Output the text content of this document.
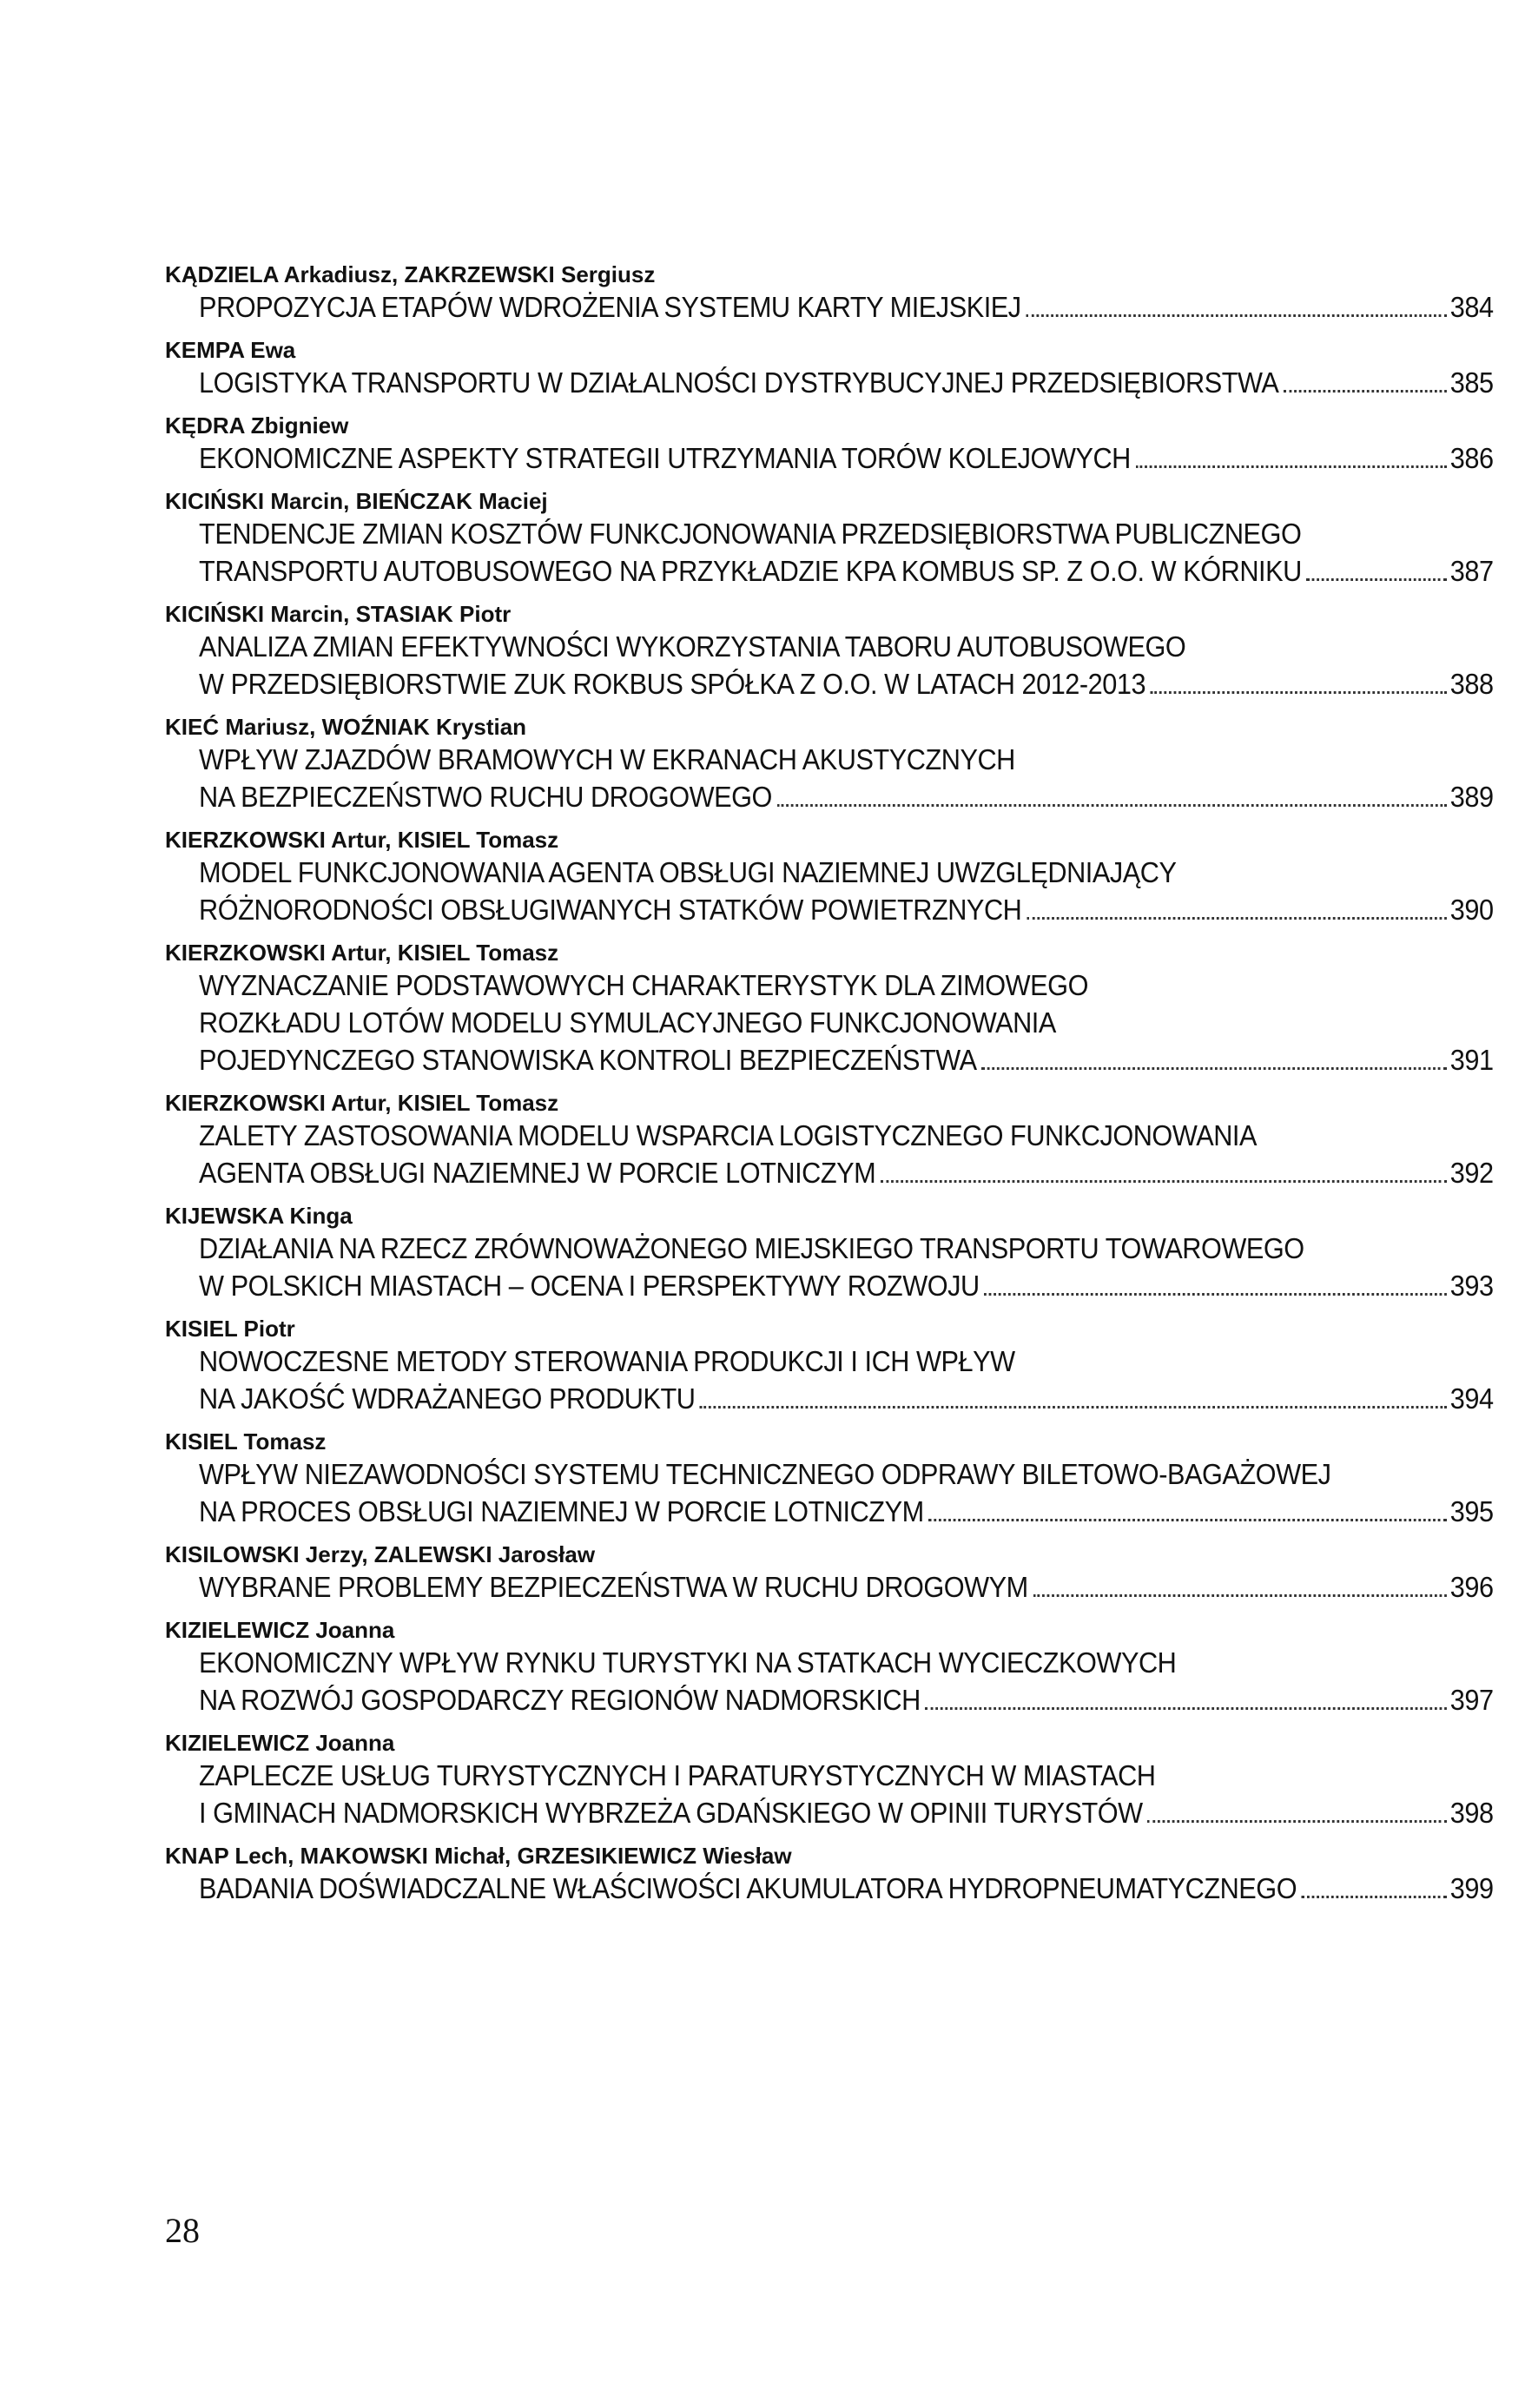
KĄDZIELA Arkadiusz, ZAKRZEWSKI Sergiusz
PROPOZYCJA ETAPÓW WDROŻENIA SYSTEMU KARTY MIEJSKIEJ	384
KEMPA Ewa
LOGISTYKA TRANSPORTU W DZIAŁALNOŚCI DYSTRYBUCYJNEJ PRZEDSIĘBIORSTWA	385
KĘDRA Zbigniew
EKONOMICZNE ASPEKTY STRATEGII UTRZYMANIA TORÓW KOLEJOWYCH	386
KICIŃSKI Marcin, BIEŃCZAK Maciej
TENDENCJE ZMIAN KOSZTÓW FUNKCJONOWANIA PRZEDSIĘBIORSTWA PUBLICZNEGO
TRANSPORTU AUTOBUSOWEGO NA PRZYKŁADZIE KPA KOMBUS SP. Z O.O. W KÓRNIKU	387
KICIŃSKI Marcin, STASIAK Piotr
ANALIZA ZMIAN EFEKTYWNOŚCI WYKORZYSTANIA TABORU AUTOBUSOWEGO
W PRZEDSIĘBIORSTWIE ZUK ROKBUS SPÓŁKA Z O.O. W LATACH 2012-2013	388
KIEĆ Mariusz, WOŹNIAK Krystian
WPŁYW ZJAZDÓW BRAMOWYCH W EKRANACH AKUSTYCZNYCH
NA BEZPIECZEŃSTWO RUCHU DROGOWEGO	389
KIERZKOWSKI Artur, KISIEL Tomasz
MODEL FUNKCJONOWANIA AGENTA OBSŁUGI NAZIEMNEJ UWZGLĘDNIAJĄCY
RÓŻNORODNOŚCI OBSŁUGIWANYCH STATKÓW POWIETRZNYCH	390
KIERZKOWSKI Artur, KISIEL Tomasz
WYZNACZANIE PODSTAWOWYCH CHARAKTERYSTYK DLA ZIMOWEGO
ROZKŁADU LOTÓW MODELU SYMULACYJNEGO FUNKCJONOWANIA
POJEDYNCZEGO STANOWISKA KONTROLI BEZPIECZEŃSTWA	391
KIERZKOWSKI Artur, KISIEL Tomasz
ZALETY ZASTOSOWANIA MODELU WSPARCIA LOGISTYCZNEGO FUNKCJONOWANIA
AGENTA OBSŁUGI NAZIEMNEJ W PORCIE LOTNICZYM	392
KIJEWSKA Kinga
DZIAŁANIA NA RZECZ ZRÓWNOWAŻONEGO MIEJSKIEGO TRANSPORTU TOWAROWEGO
W POLSKICH MIASTACH – OCENA I PERSPEKTYWY ROZWOJU	393
KISIEL Piotr
NOWOCZESNE METODY STEROWANIA PRODUKCJI I ICH WPŁYW
NA JAKOŚĆ WDRAŻANEGO PRODUKTU	394
KISIEL Tomasz
WPŁYW NIEZAWODNOŚCI SYSTEMU TECHNICZNEGO ODPRAWY BILETOWO-BAGAŻOWEJ
NA PROCES OBSŁUGI NAZIEMNEJ W PORCIE LOTNICZYM	395
KISILOWSKI Jerzy, ZALEWSKI Jarosław
WYBRANE PROBLEMY BEZPIECZEŃSTWA W RUCHU DROGOWYM	396
KIZIELEWICZ Joanna
EKONOMICZNY WPŁYW RYNKU TURYSTYKI NA STATKACH WYCIECZKOWYCH
NA ROZWÓJ GOSPODARCZY REGIONÓW NADMORSKICH	397
KIZIELEWICZ Joanna
ZAPLECZE USŁUG TURYSTYCZNYCH I PARATURYSTYCZNYCH W MIASTACH
I GMINACH NADMORSKICH WYBRZEŻA GDAŃSKIEGO W OPINII TURYSTÓW	398
KNAP Lech, MAKOWSKI Michał, GRZESIKIEWICZ Wiesław
BADANIA DOŚWIADCZALNE WŁAŚCIWOŚCI AKUMULATORA HYDROPNEUMATYCZNEGO	399
28
